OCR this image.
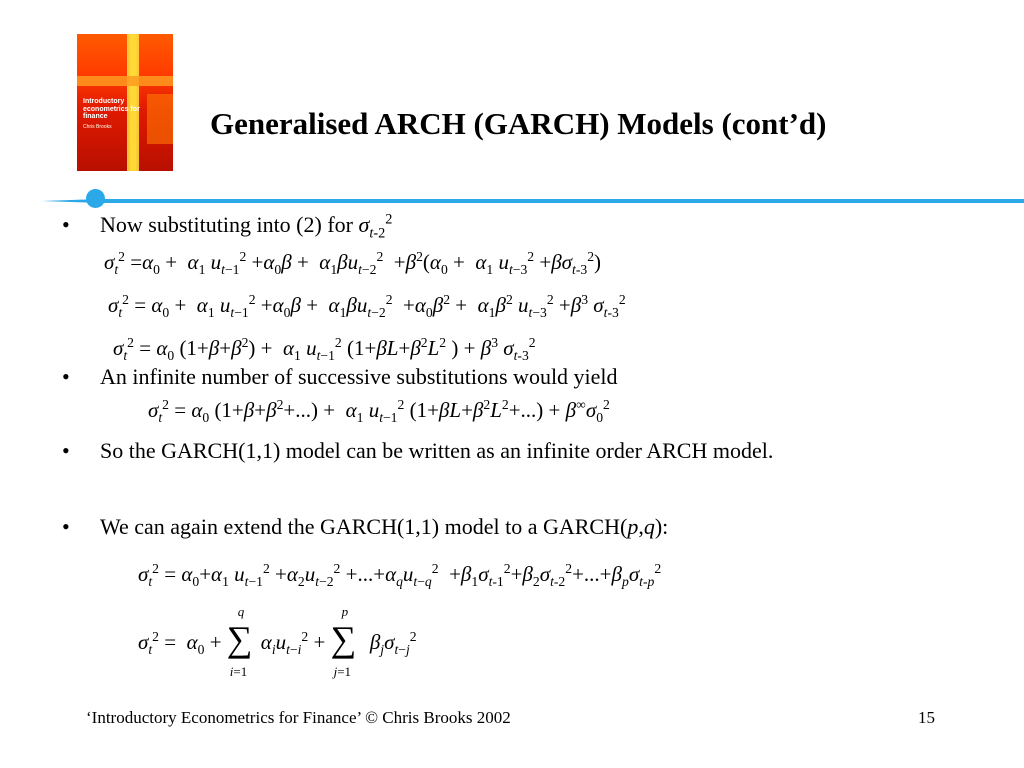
Introductory econometrics for finance
Chris Brooks	Generalised ARCH (GARCH) Models (cont’d)
• Now substituting into (2) for $\sigma_{t-2}^2$
$\sigma_t^2 =\alpha_0 + \alpha_1$ $u_{t-1}^2 +\alpha_0\beta + \alpha_1\beta u_{t-2}^2 +\beta^2(\alpha_0 + \alpha_1$ $u_{t-3}^2 +\beta\sigma_{t-3}^2$)
$\sigma_t^2 = \alpha_0 + \alpha_1$ $u_{t-1}^2 +\alpha_0\beta + \alpha_1\beta u_{t-2}^2 +\alpha_0\beta^2 + \alpha_1\beta^2$ $u_{t-3}^2 +\beta^3$ $\sigma_{t-3}^2$
$\sigma_t^2 = \alpha_0$ $(1+\beta+\beta^2) + \alpha_1$ $u_{t-1}^2$ ($1+\beta L+\beta^2L^2$ ) + $\beta^3$ $\sigma_{t-3}^2$
• An infinite number of successive substitutions would yield
$\sigma_t^2 = \alpha_0$ $(1+\beta+\beta^2+...) + \alpha_1$ $u_{t-1}^2$ $(1+\beta L+\beta^2L^2+...) + \beta^\infty\sigma_0^2$
• So the GARCH(1,1) model can be written as an infinite order ARCH model.
• We can again extend the GARCH(1,1) model to a GARCH(p,q):
$\sigma_t^2 = \alpha_0+\alpha_1$ $u_{t-1}^2 +\alpha_2u_{t-2}^2 +...+\alpha_qu_{t-q}^2 +\beta_1\sigma_{t-1}^2+\beta_2\sigma_{t-2}^2+...+\beta_p\sigma_{t-p}^2$
$\sigma_t^2 = \alpha_0$ +
q
∑
i=1
$\alpha_iu_{t-i}^2$ +
p
∑
j=1
$\beta_j\sigma_{t-j}^2$
‘Introductory Econometrics for Finance’ © Chris Brooks 2002	15
